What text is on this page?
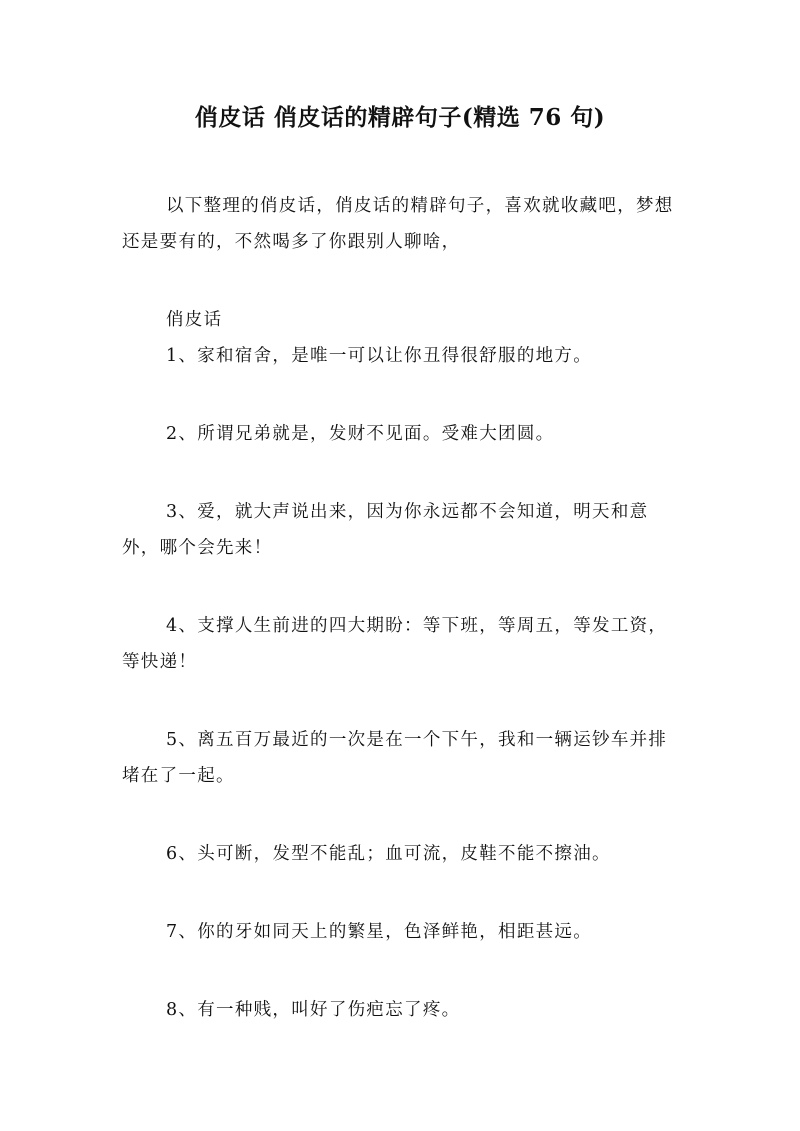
俏皮话 俏皮话的精辟句子(精选 76 句)

以下整理的俏皮话，俏皮话的精辟句子，喜欢就收藏吧，梦想还是要有的，不然喝多了你跟别人聊啥，

俏皮话

1、家和宿舍，是唯一可以让你丑得很舒服的地方。

2、所谓兄弟就是，发财不见面。受难大团圆。

3、爱，就大声说出来，因为你永远都不会知道，明天和意外，哪个会先来！

4、支撑人生前进的四大期盼：等下班，等周五，等发工资，等快递！

5、离五百万最近的一次是在一个下午，我和一辆运钞车并排堵在了一起。

6、头可断，发型不能乱；血可流，皮鞋不能不擦油。

7、你的牙如同天上的繁星，色泽鲜艳，相距甚远。

8、有一种贱，叫好了伤疤忘了疼。
